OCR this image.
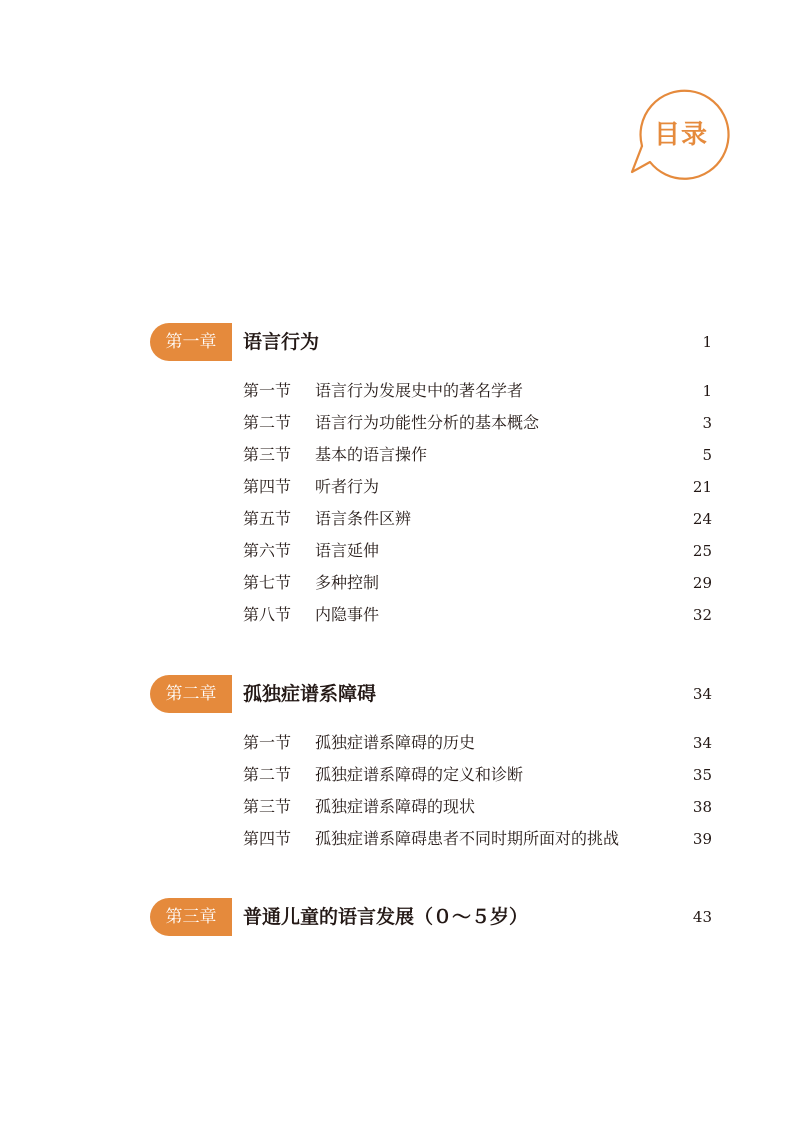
目录
第一章	语言行为	1
第一节 语言行为发展史中的著名学者	1
第二节 语言行为功能性分析的基本概念	3
第三节 基本的语言操作	5
第四节 听者行为	21
第五节 语言条件区辨	24
第六节 语言延伸	25
第七节 多种控制	29
第八节 内隐事件	32
第二章	孤独症谱系障碍	34
第一节 孤独症谱系障碍的历史	34
第二节 孤独症谱系障碍的定义和诊断	35
第三节 孤独症谱系障碍的现状	38
第四节 孤独症谱系障碍患者不同时期所面对的挑战	39
第三章	普通儿童的语言发展（０～５岁）	43
